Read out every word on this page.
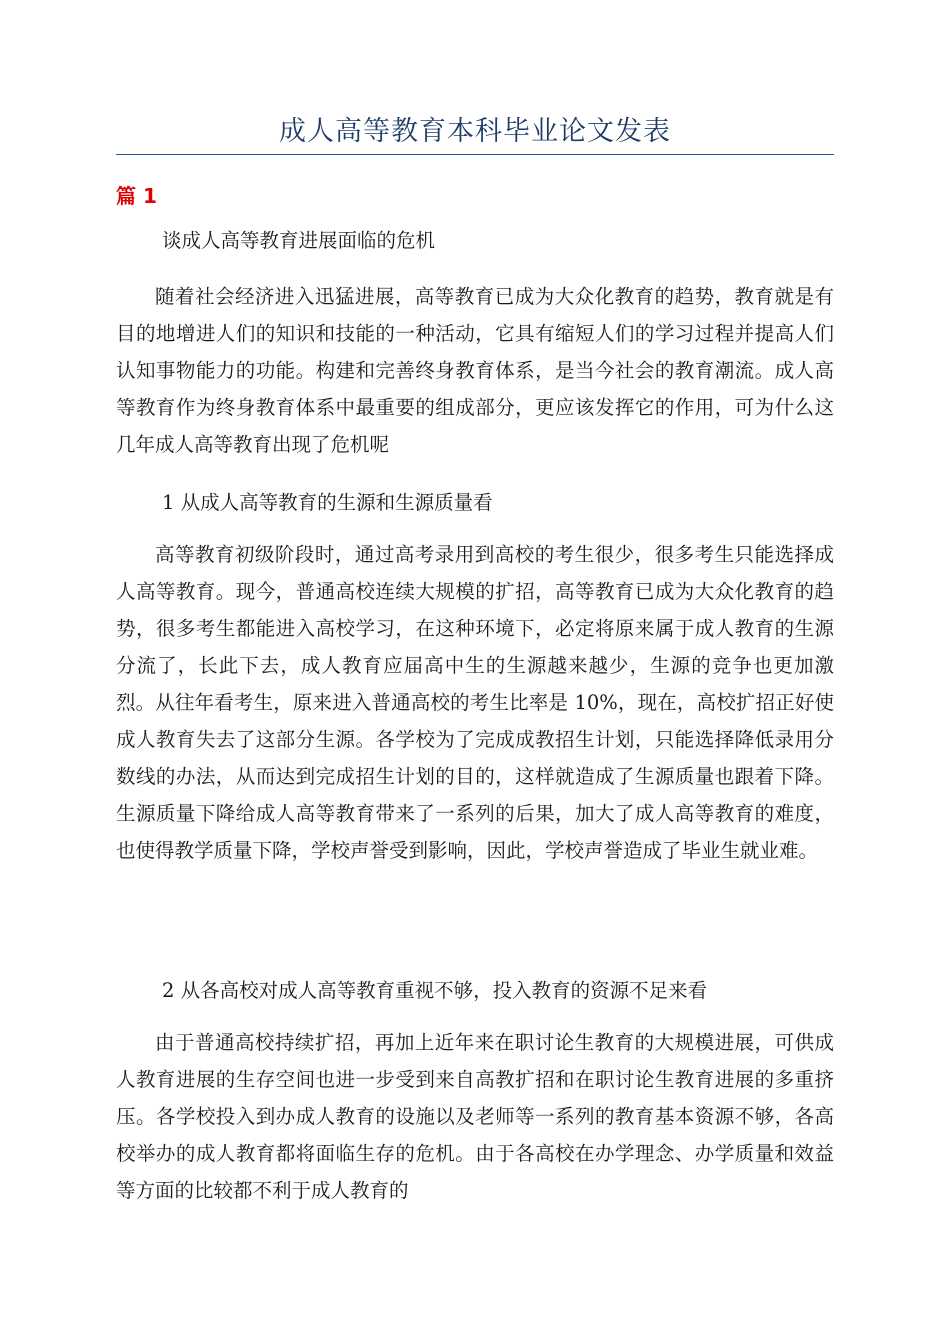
成人高等教育本科毕业论文发表
篇 1

谈成人高等教育进展面临的危机

随着社会经济进入迅猛进展，高等教育已成为大众化教育的趋势，教育就是有目的地增进人们的知识和技能的一种活动，它具有缩短人们的学习过程并提高人们认知事物能力的功能。构建和完善终身教育体系，是当今社会的教育潮流。成人高等教育作为终身教育体系中最重要的组成部分，更应该发挥它的作用，可为什么这几年成人高等教育出现了危机呢

1 从成人高等教育的生源和生源质量看

高等教育初级阶段时，通过高考录用到高校的考生很少，很多考生只能选择成人高等教育。现今，普通高校连续大规模的扩招，高等教育已成为大众化教育的趋势，很多考生都能进入高校学习，在这种环境下，必定将原来属于成人教育的生源分流了，长此下去，成人教育应届高中生的生源越来越少，生源的竞争也更加激烈。从往年看考生，原来进入普通高校的考生比率是 10%，现在，高校扩招正好使成人教育失去了这部分生源。各学校为了完成成教招生计划，只能选择降低录用分数线的办法，从而达到完成招生计划的目的，这样就造成了生源质量也跟着下降。生源质量下降给成人高等教育带来了一系列的后果，加大了成人高等教育的难度，也使得教学质量下降，学校声誉受到影响，因此，学校声誉造成了毕业生就业难。

2 从各高校对成人高等教育重视不够，投入教育的资源不足来看

由于普通高校持续扩招，再加上近年来在职讨论生教育的大规模进展，可供成人教育进展的生存空间也进一步受到来自高教扩招和在职讨论生教育进展的多重挤压。各学校投入到办成人教育的设施以及老师等一系列的教育基本资源不够，各高校举办的成人教育都将面临生存的危机。由于各高校在办学理念、办学质量和效益等方面的比较都不利于成人教育的
